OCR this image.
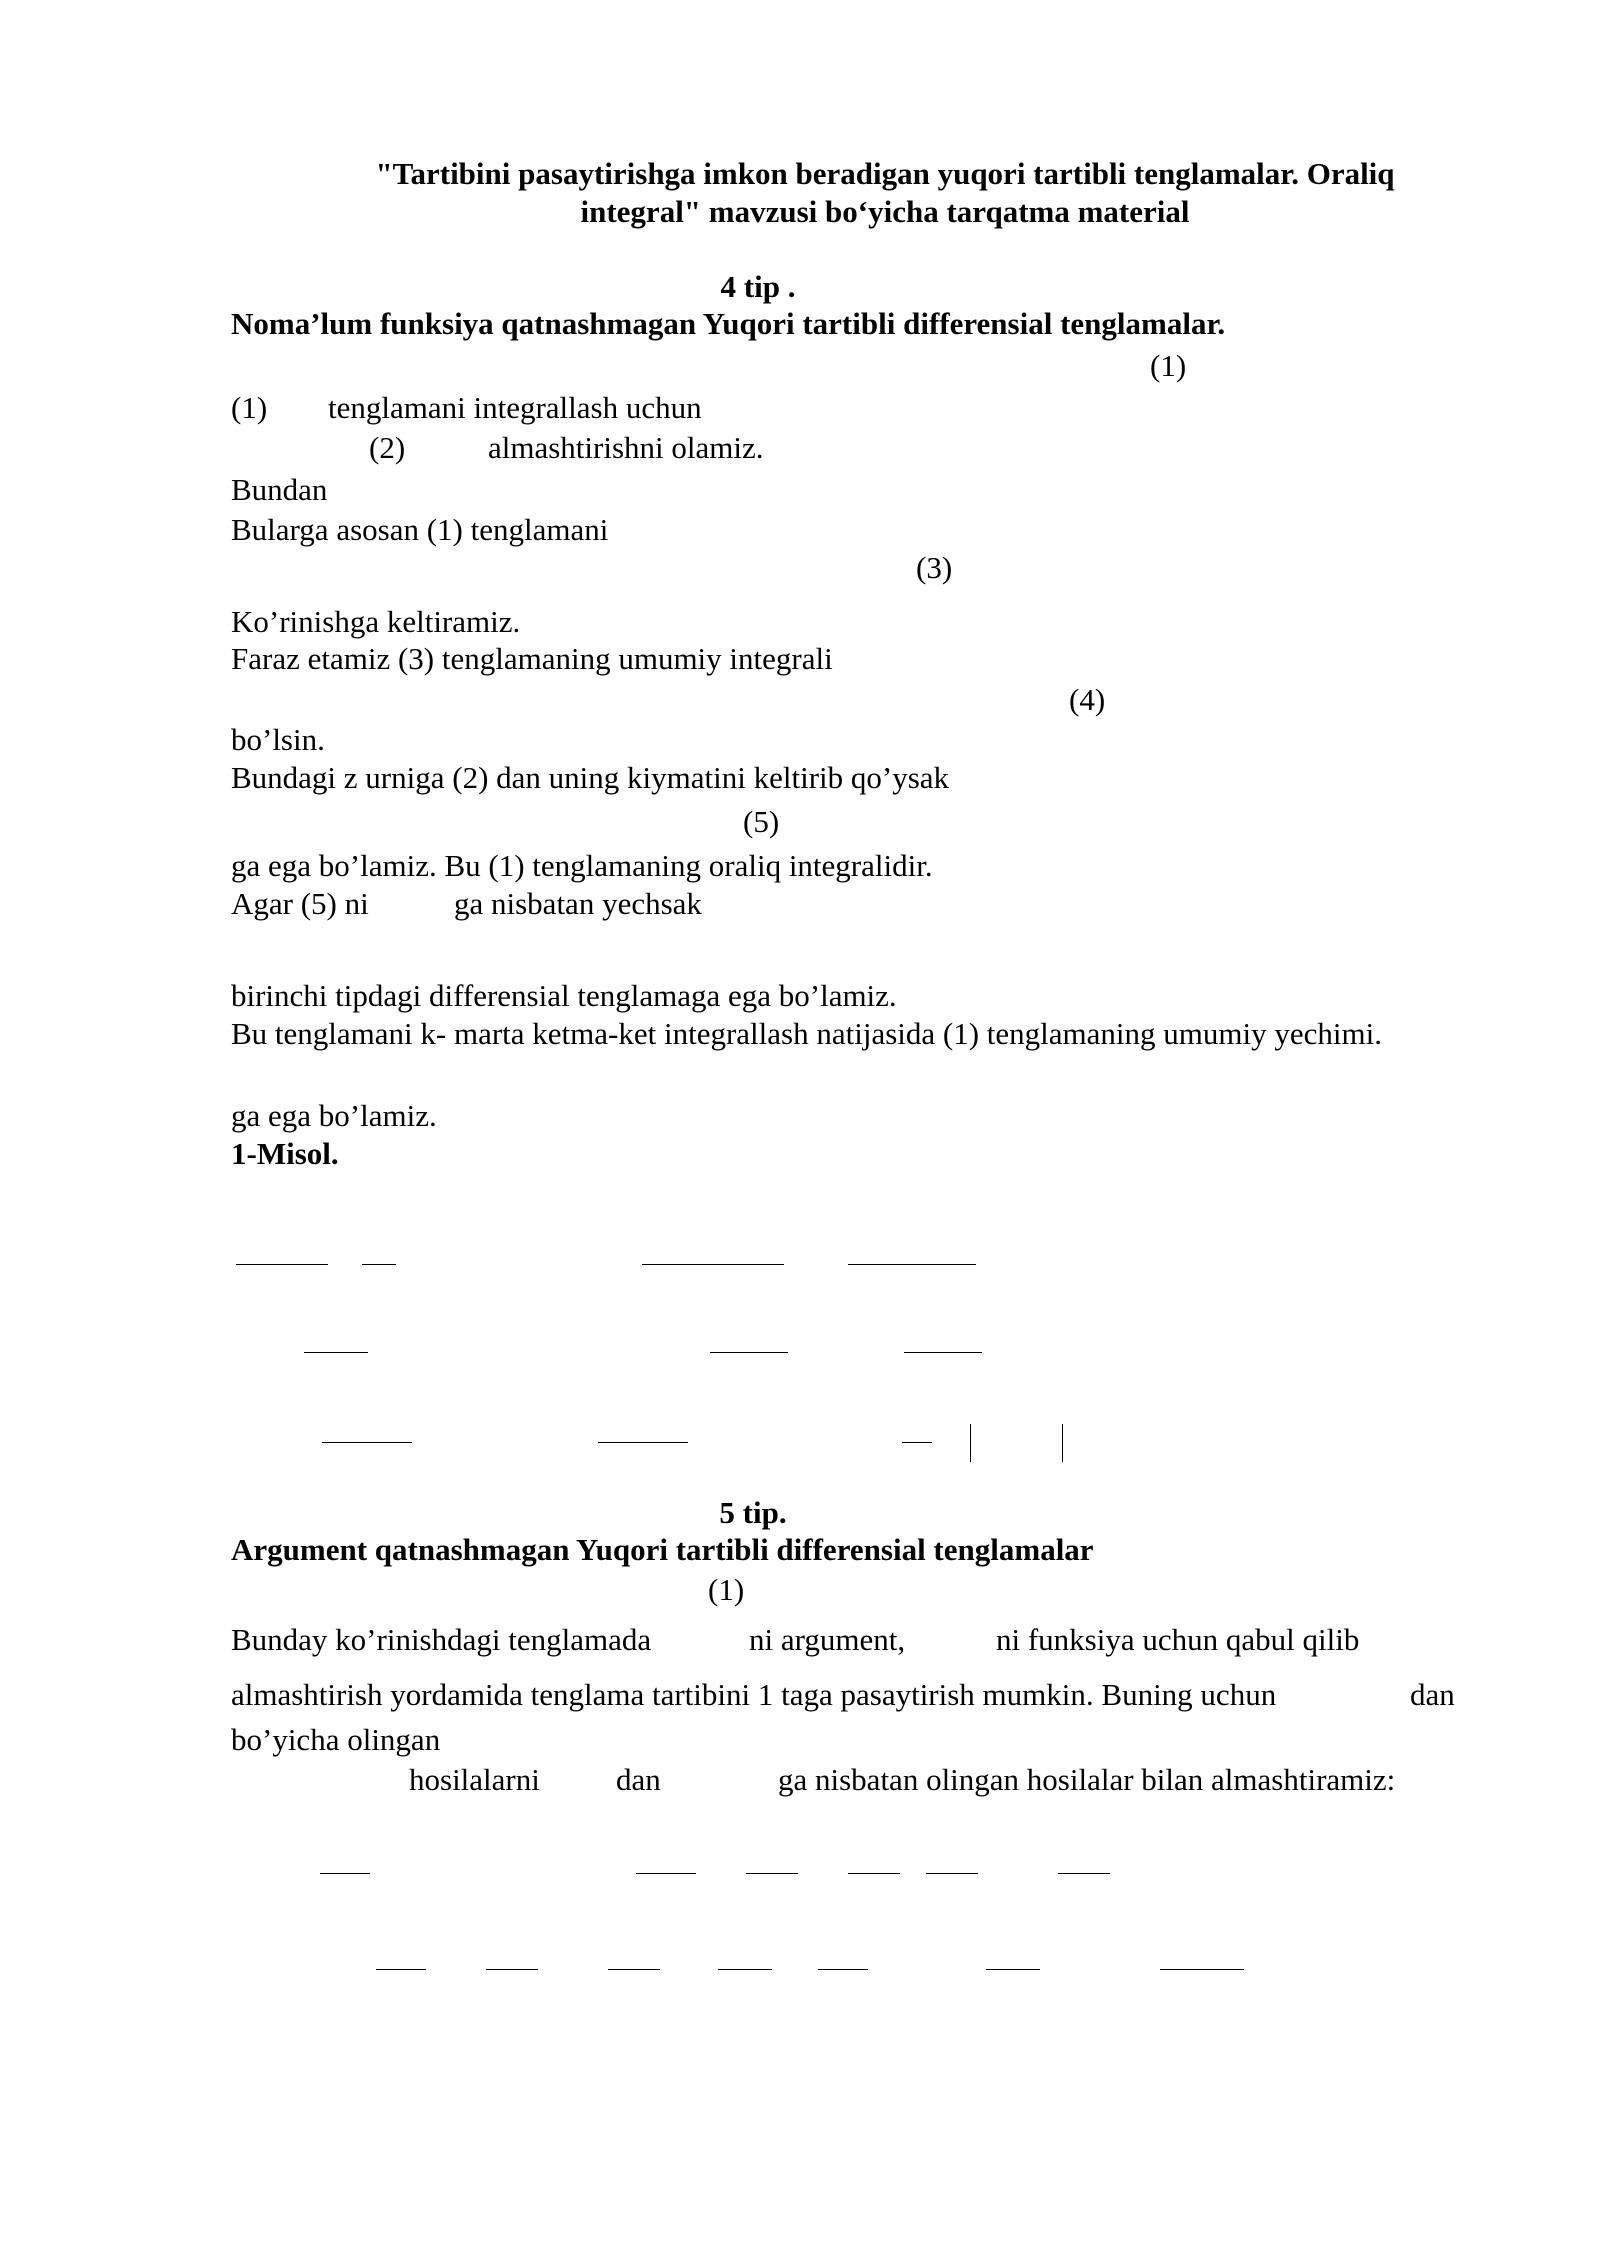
"Tartibini pasaytirishga imkon beradigan yuqori tartibli tenglamalar. Oraliq
integral" mavzusi bo‘yicha tarqatma material
4 tip .
Noma’lum funksiya qatnashmagan Yuqori tartibli differensial tenglamalar.
(1)
(1) tenglamani integrallash uchun
(2)	almashtirishni olamiz.
Bundan
Bularga asosan (1) tenglamani
(3)
Ko’rinishga keltiramiz.
Faraz etamiz (3) tenglamaning umumiy integrali
(4)
bo’lsin.
Bundagi z urniga (2) dan uning kiymatini keltirib qo’ysak
(5)
ga ega bo’lamiz. Bu (1) tenglamaning oraliq integralidir.
Agar (5) ni	ga nisbatan yechsak
birinchi tipdagi differensial tenglamaga ega bo’lamiz.
Bu tenglamani k- marta ketma-ket integrallash natijasida (1) tenglamaning umumiy yechimi.
ga ega bo’lamiz.
1-Misol.
5 tip.
Argument qatnashmagan Yuqori tartibli differensial tenglamalar
(1)
Bunday ko’rinishdagi tenglamada	ni argument,	ni funksiya uchun qabul qilib
almashtirish yordamida tenglama tartibini 1 taga pasaytirish mumkin. Buning uchun	dan
bo’yicha olingan
hosilalarni dan	ga nisbatan olingan hosilalar bilan almashtiramiz:
